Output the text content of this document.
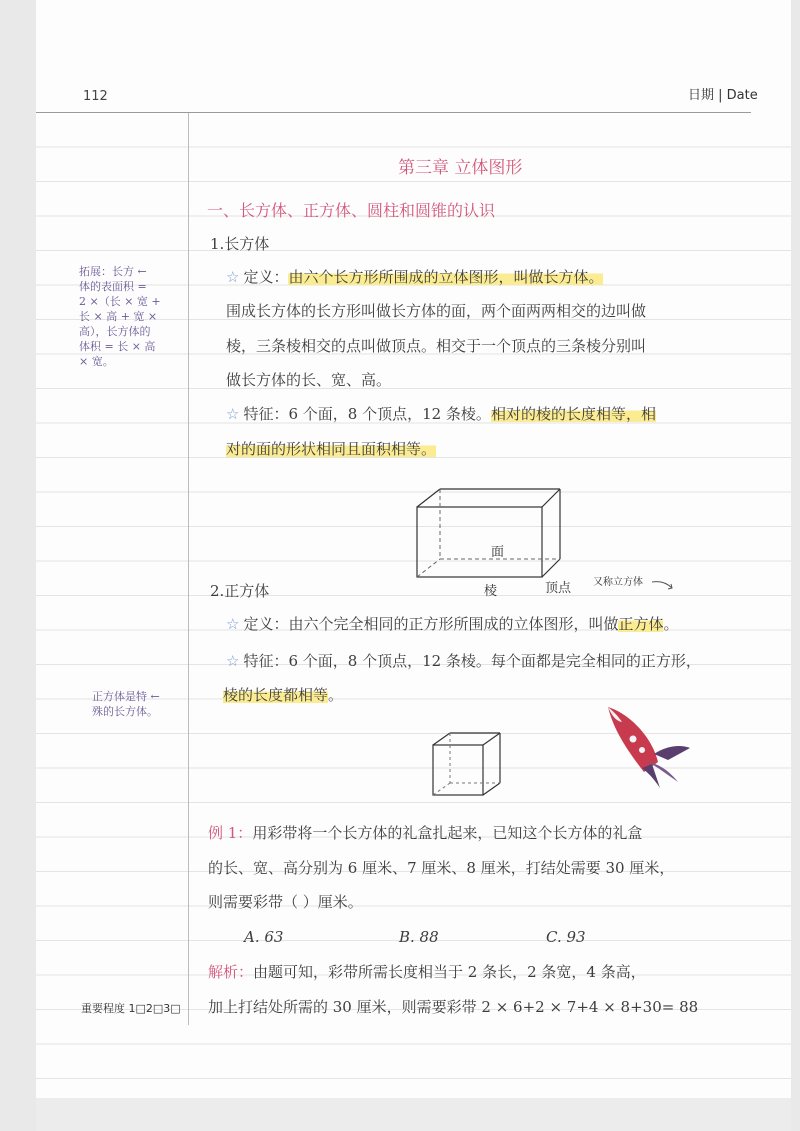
112	日期 | Date
第三章 立体图形
一、长方体、正方体、圆柱和圆锥的认识
1.长方体
☆ 定义：由六个长方形所围成的立体图形，叫做长方体。
围成长方体的长方形叫做长方体的面，两个面两两相交的边叫做
棱，三条棱相交的点叫做顶点。相交于一个顶点的三条棱分别叫
做长方体的长、宽、高。
☆ 特征：6 个面，8 个顶点，12 条棱。相对的棱的长度相等，相
对的面的形状相同且面积相等。
面
棱	顶点 又称立方体
2.正方体
☆ 定义：由六个完全相同的正方形所围成的立体图形，叫做正方体。
☆ 特征：6 个面，8 个顶点，12 条棱。每个面都是完全相同的正方形，
棱的长度都相等。
拓展：长方 ←
体的表面积 =
2 ×（长 × 宽 +
长 × 高 + 宽 ×
高），长方体的
体积 = 长 × 高
× 宽。
正方体是特 ←
殊的长方体。
例 1：用彩带将一个长方体的礼盒扎起来，已知这个长方体的礼盒
的长、宽、高分别为 6 厘米、7 厘米、8 厘米，打结处需要 30 厘米，
则需要彩带（ ）厘米。
A. 63	B. 88	C. 93
解析：由题可知，彩带所需长度相当于 2 条长，2 条宽，4 条高，
加上打结处所需的 30 厘米，则需要彩带 2 × 6+2 × 7+4 × 8+30= 88
重要程度 1□2□3□
